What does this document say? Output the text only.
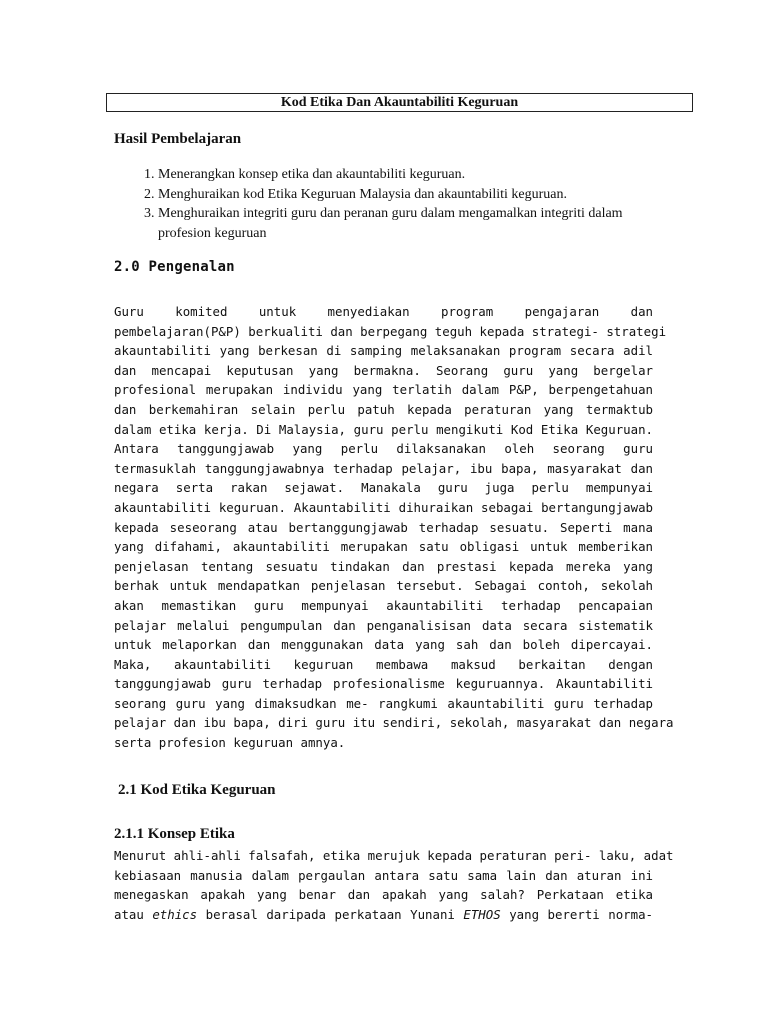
Kod Etika Dan Akauntabiliti Keguruan
Hasil Pembelajaran
1. Menerangkan konsep etika dan akauntabiliti keguruan.
2. Menghuraikan kod Etika Keguruan Malaysia dan akauntabiliti keguruan.
3. Menghuraikan integriti guru dan peranan guru dalam mengamalkan integriti dalam profesion keguruan
2.0 Pengenalan
Guru komited untuk menyediakan program pengajaran dan
pembelajaran(P&P) berkualiti dan berpegang teguh kepada strategi- strategi
akauntabiliti yang berkesan di samping melaksanakan program secara adil
dan mencapai keputusan yang bermakna. Seorang guru yang bergelar
profesional merupakan individu yang terlatih dalam P&P, berpengetahuan
dan berkemahiran selain perlu patuh kepada peraturan yang termaktub
dalam etika kerja. Di Malaysia, guru perlu mengikuti Kod Etika Keguruan.
Antara tanggungjawab yang perlu dilaksanakan oleh seorang guru
termasuklah tanggungjawabnya terhadap pelajar, ibu bapa, masyarakat dan
negara serta rakan sejawat. Manakala guru juga perlu mempunyai
akauntabiliti keguruan. Akauntabiliti dihuraikan sebagai bertangungjawab
kepada seseorang atau bertanggungjawab terhadap sesuatu. Seperti mana
yang difahami, akauntabiliti merupakan satu obligasi untuk memberikan
penjelasan tentang sesuatu tindakan dan prestasi kepada mereka yang
berhak untuk mendapatkan penjelasan tersebut. Sebagai contoh, sekolah
akan memastikan guru mempunyai akauntabiliti terhadap pencapaian
pelajar melalui pengumpulan dan penganalisisan data secara sistematik
untuk melaporkan dan menggunakan data yang sah dan boleh dipercayai.
Maka, akauntabiliti keguruan membawa maksud berkaitan dengan
tanggungjawab guru terhadap profesionalisme keguruannya. Akauntabiliti
seorang guru yang dimaksudkan me- rangkumi akauntabiliti guru terhadap
pelajar dan ibu bapa, diri guru itu sendiri, sekolah, masyarakat dan negara
serta profesion keguruan amnya.
2.1 Kod Etika Keguruan
2.1.1 Konsep Etika
Menurut ahli-ahli falsafah, etika merujuk kepada peraturan peri- laku, adat
kebiasaan manusia dalam pergaulan antara satu sama lain dan aturan ini
menegaskan apakah yang benar dan apakah yang salah? Perkataan etika
atau ethics berasal daripada perkataan Yunani ETHOS yang bererti norma-
